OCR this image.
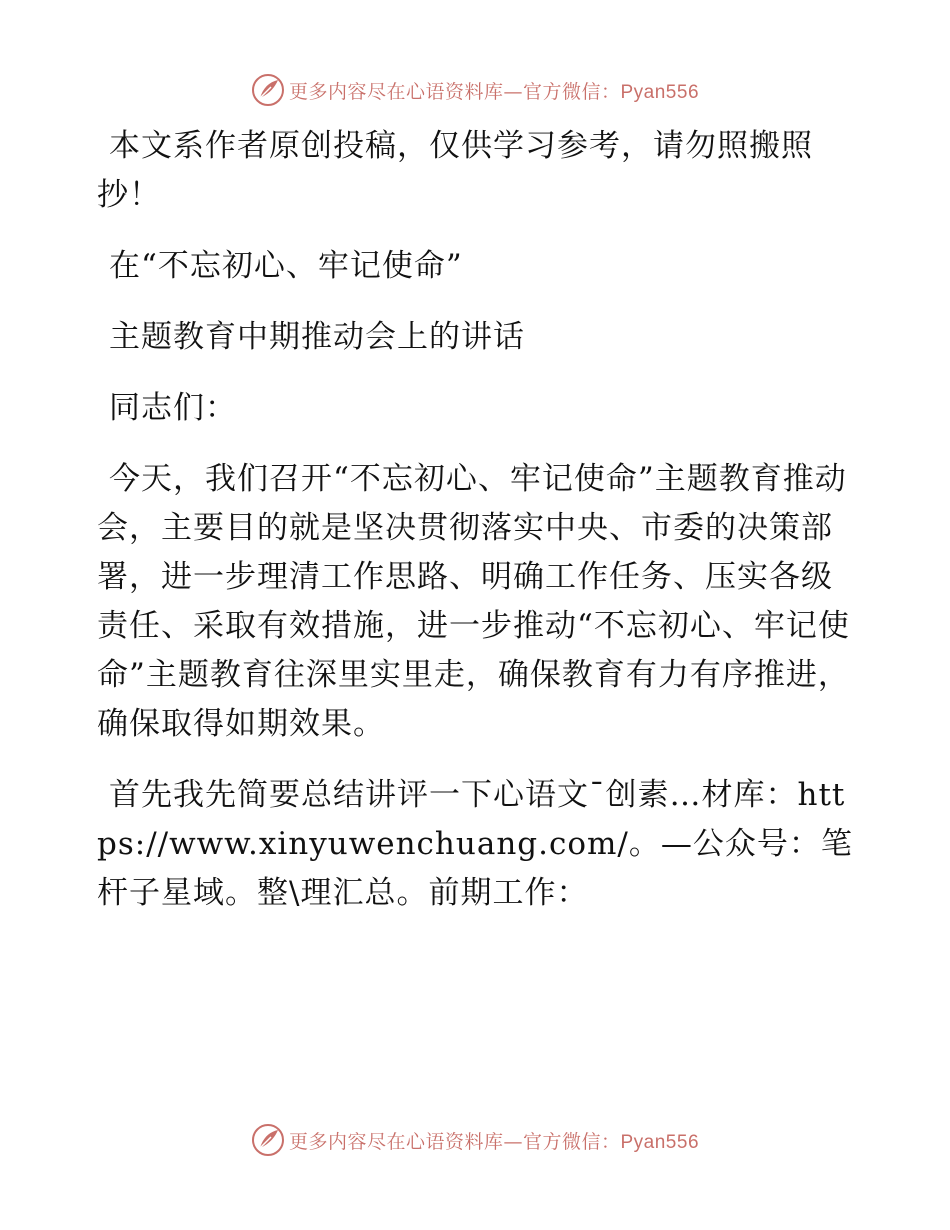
更多内容尽在心语资料库—官方微信：Pyan556

本文系作者原创投稿，仅供学习参考，请勿照搬照抄！

在“不忘初心、牢记使命”

主题教育中期推动会上的讲话

同志们：

今天，我们召开“不忘初心、牢记使命”主题教育推动会，主要目的就是坚决贯彻落实中央、市委的决策部署，进一步理清工作思路、明确工作任务、压实各级责任、采取有效措施，进一步推动“不忘初心、牢记使命”主题教育往深里实里走，确保教育有力有序推进，确保取得如期效果。

首先我先简要总结讲评一下心语文¯创素…材库：https://www.xinyuwenchuang.com/。—公众号：笔杆子星域。整\理汇总。前期工作：

更多内容尽在心语资料库—官方微信：Pyan556
